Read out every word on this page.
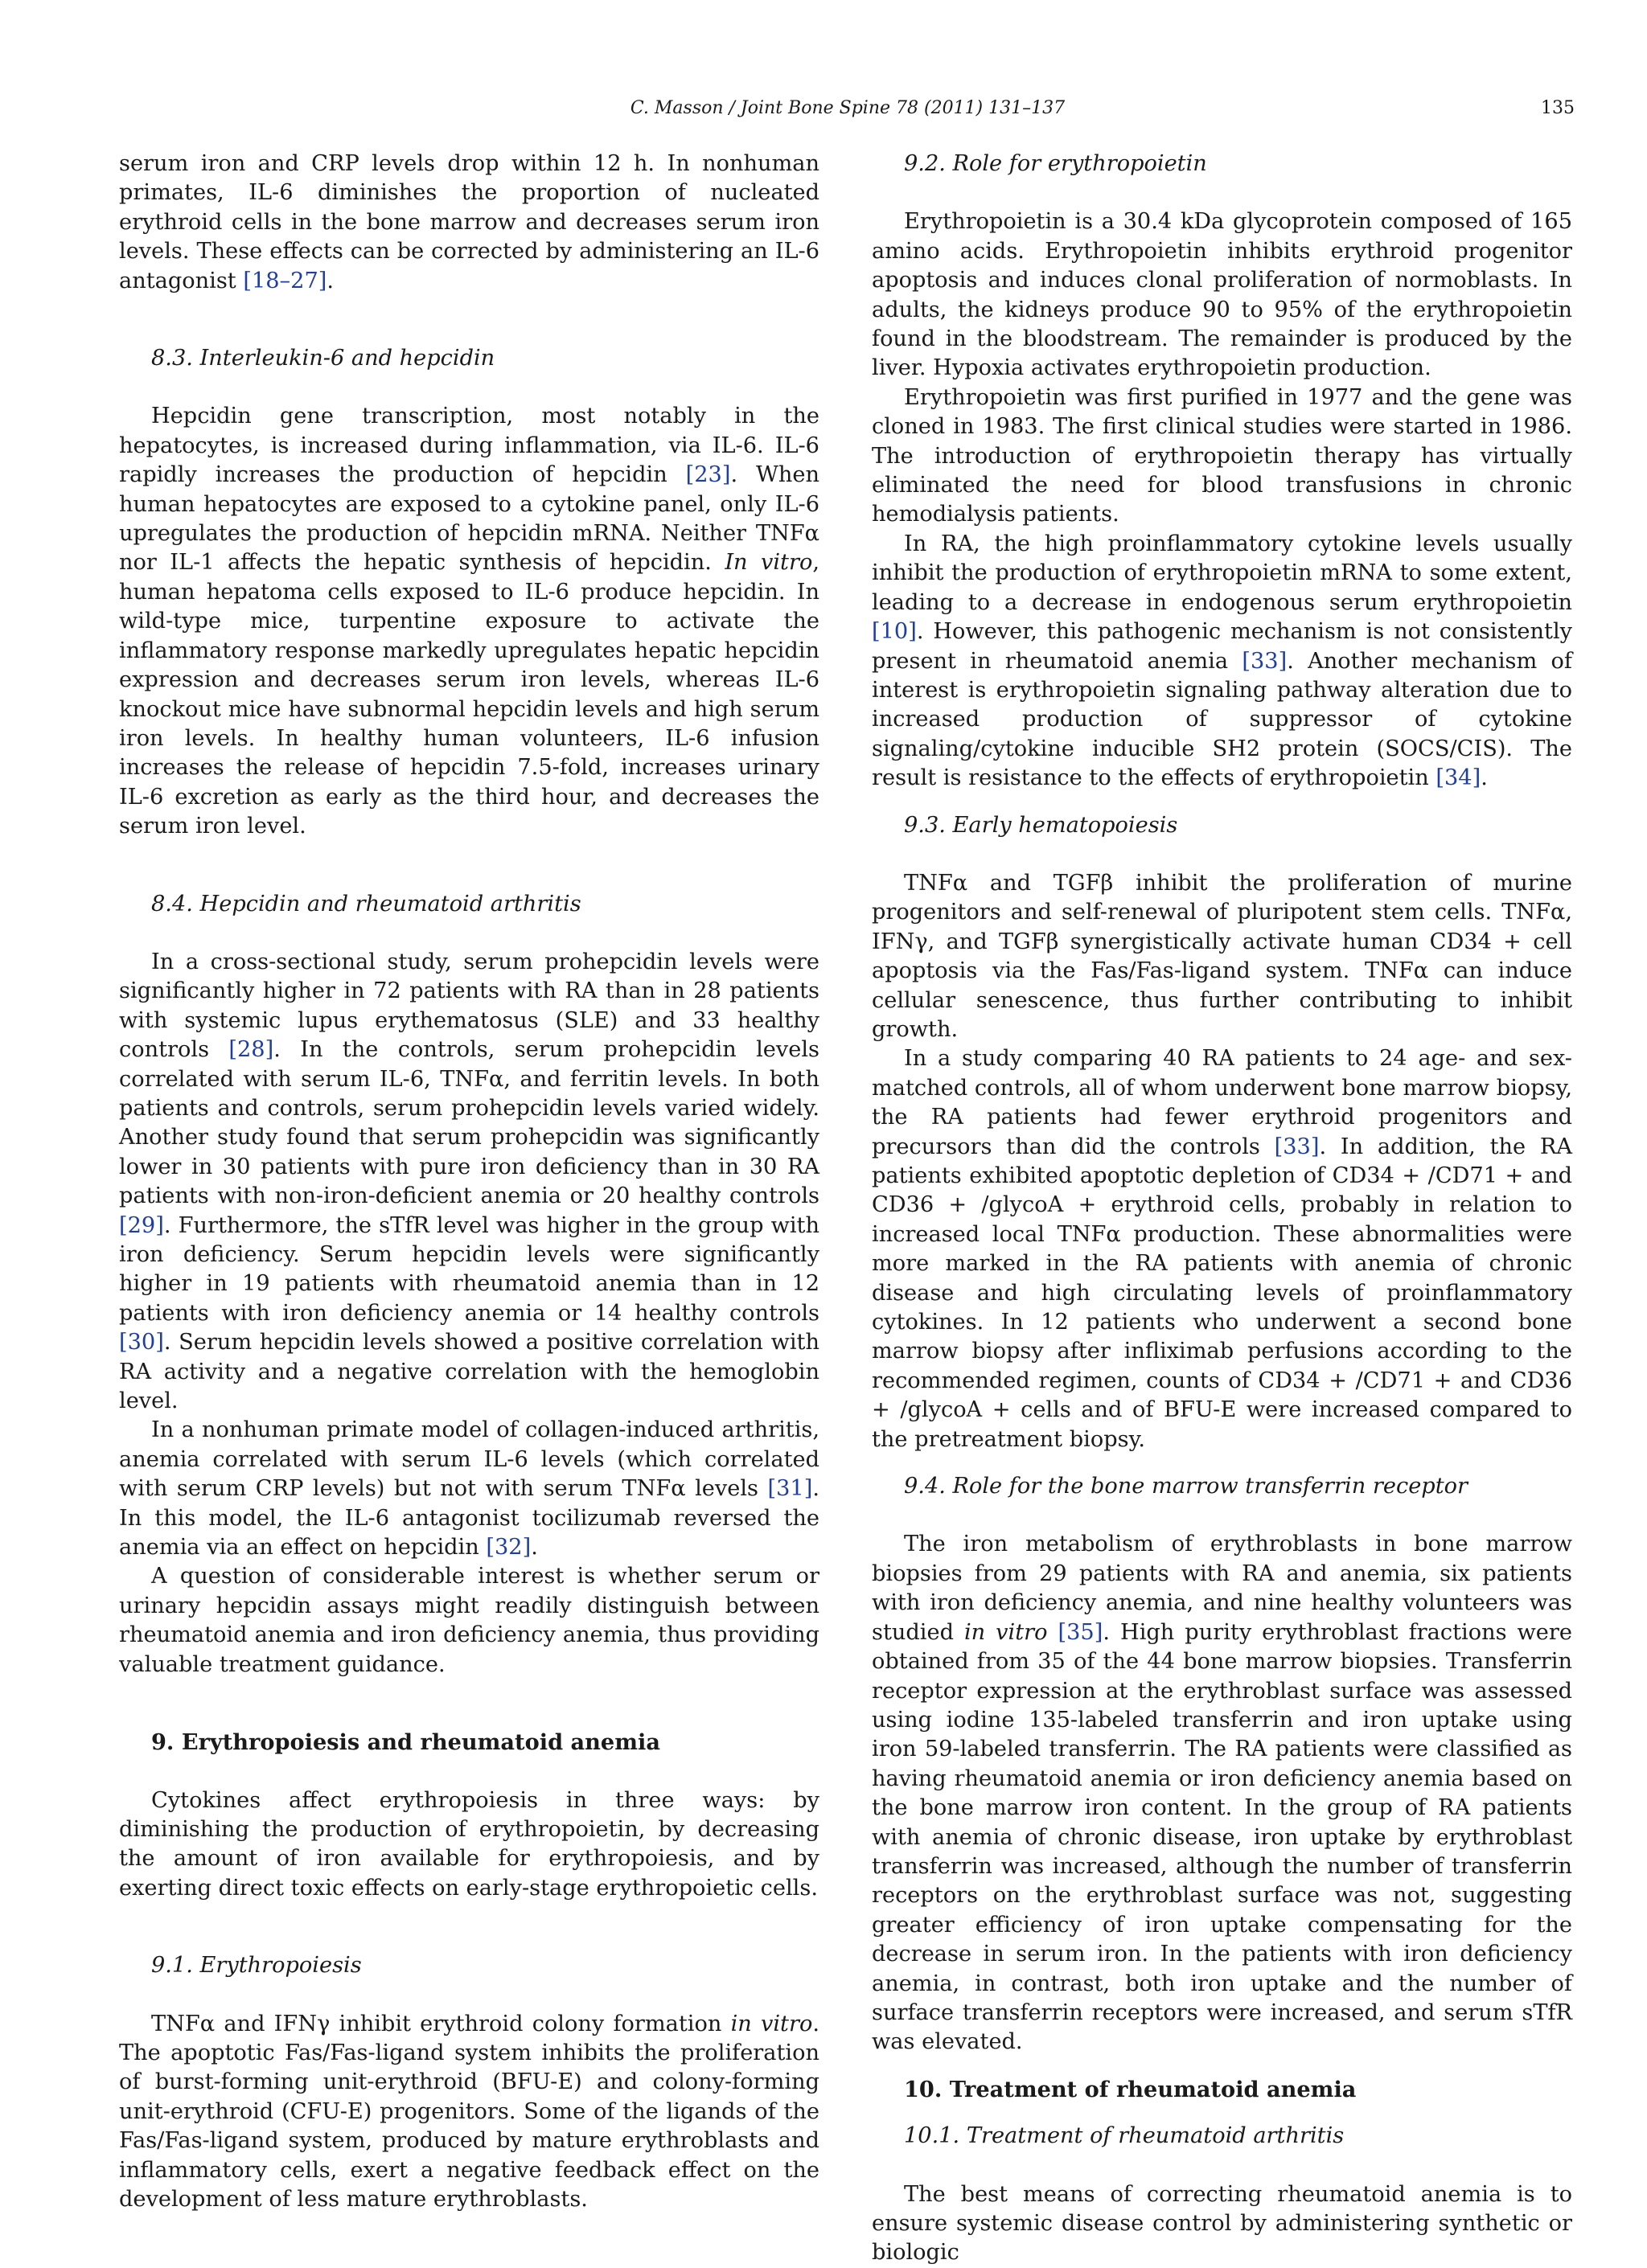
C. Masson / Joint Bone Spine 78 (2011) 131–137	135

serum iron and CRP levels drop within 12 h. In nonhuman primates, IL-6 diminishes the proportion of nucleated erythroid cells in the bone marrow and decreases serum iron levels. These effects can be corrected by administering an IL-6 antagonist [18–27].

8.3. Interleukin-6 and hepcidin

Hepcidin gene transcription, most notably in the hepatocytes, is increased during inflammation, via IL-6. IL-6 rapidly increases the production of hepcidin [23]. When human hepatocytes are exposed to a cytokine panel, only IL-6 upregulates the production of hepcidin mRNA. Neither TNFα nor IL-1 affects the hepatic synthesis of hepcidin. In vitro, human hepatoma cells exposed to IL-6 produce hepcidin. In wild-type mice, turpentine exposure to activate the inflammatory response markedly upregulates hepatic hepcidin expression and decreases serum iron levels, whereas IL-6 knockout mice have subnormal hepcidin levels and high serum iron levels. In healthy human volunteers, IL-6 infusion increases the release of hepcidin 7.5-fold, increases urinary IL-6 excretion as early as the third hour, and decreases the serum iron level.

8.4. Hepcidin and rheumatoid arthritis

In a cross-sectional study, serum prohepcidin levels were significantly higher in 72 patients with RA than in 28 patients with systemic lupus erythematosus (SLE) and 33 healthy controls [28]. In the controls, serum prohepcidin levels correlated with serum IL-6, TNFα, and ferritin levels. In both patients and controls, serum prohepcidin levels varied widely. Another study found that serum prohepcidin was significantly lower in 30 patients with pure iron deficiency than in 30 RA patients with non-iron-deficient anemia or 20 healthy controls [29]. Furthermore, the sTfR level was higher in the group with iron deficiency. Serum hepcidin levels were significantly higher in 19 patients with rheumatoid anemia than in 12 patients with iron deficiency anemia or 14 healthy controls [30]. Serum hepcidin levels showed a positive correlation with RA activity and a negative correlation with the hemoglobin level.

In a nonhuman primate model of collagen-induced arthritis, anemia correlated with serum IL-6 levels (which correlated with serum CRP levels) but not with serum TNFα levels [31]. In this model, the IL-6 antagonist tocilizumab reversed the anemia via an effect on hepcidin [32].

A question of considerable interest is whether serum or urinary hepcidin assays might readily distinguish between rheumatoid anemia and iron deficiency anemia, thus providing valuable treatment guidance.

9. Erythropoiesis and rheumatoid anemia

Cytokines affect erythropoiesis in three ways: by diminishing the production of erythropoietin, by decreasing the amount of iron available for erythropoiesis, and by exerting direct toxic effects on early-stage erythropoietic cells.

9.1. Erythropoiesis

TNFα and IFNγ inhibit erythroid colony formation in vitro. The apoptotic Fas/Fas-ligand system inhibits the proliferation of burst-forming unit-erythroid (BFU-E) and colony-forming unit-erythroid (CFU-E) progenitors. Some of the ligands of the Fas/Fas-ligand system, produced by mature erythroblasts and inflammatory cells, exert a negative feedback effect on the development of less mature erythroblasts.

9.2. Role for erythropoietin

Erythropoietin is a 30.4 kDa glycoprotein composed of 165 amino acids. Erythropoietin inhibits erythroid progenitor apoptosis and induces clonal proliferation of normoblasts. In adults, the kidneys produce 90 to 95% of the erythropoietin found in the bloodstream. The remainder is produced by the liver. Hypoxia activates erythropoietin production.

Erythropoietin was first purified in 1977 and the gene was cloned in 1983. The first clinical studies were started in 1986. The introduction of erythropoietin therapy has virtually eliminated the need for blood transfusions in chronic hemodialysis patients.

In RA, the high proinflammatory cytokine levels usually inhibit the production of erythropoietin mRNA to some extent, leading to a decrease in endogenous serum erythropoietin [10]. However, this pathogenic mechanism is not consistently present in rheumatoid anemia [33]. Another mechanism of interest is erythropoietin signaling pathway alteration due to increased production of suppressor of cytokine signaling/cytokine inducible SH2 protein (SOCS/CIS). The result is resistance to the effects of erythropoietin [34].

9.3. Early hematopoiesis

TNFα and TGFβ inhibit the proliferation of murine progenitors and self-renewal of pluripotent stem cells. TNFα, IFNγ, and TGFβ synergistically activate human CD34 + cell apoptosis via the Fas/Fas-ligand system. TNFα can induce cellular senescence, thus further contributing to inhibit growth.

In a study comparing 40 RA patients to 24 age- and sex-matched controls, all of whom underwent bone marrow biopsy, the RA patients had fewer erythroid progenitors and precursors than did the controls [33]. In addition, the RA patients exhibited apoptotic depletion of CD34 + /CD71 + and CD36 + /glycoA + erythroid cells, probably in relation to increased local TNFα production. These abnormalities were more marked in the RA patients with anemia of chronic disease and high circulating levels of proinflammatory cytokines. In 12 patients who underwent a second bone marrow biopsy after infliximab perfusions according to the recommended regimen, counts of CD34 + /CD71 + and CD36 + /glycoA + cells and of BFU-E were increased compared to the pretreatment biopsy.

9.4. Role for the bone marrow transferrin receptor

The iron metabolism of erythroblasts in bone marrow biopsies from 29 patients with RA and anemia, six patients with iron deficiency anemia, and nine healthy volunteers was studied in vitro [35]. High purity erythroblast fractions were obtained from 35 of the 44 bone marrow biopsies. Transferrin receptor expression at the erythroblast surface was assessed using iodine 135-labeled transferrin and iron uptake using iron 59-labeled transferrin. The RA patients were classified as having rheumatoid anemia or iron deficiency anemia based on the bone marrow iron content. In the group of RA patients with anemia of chronic disease, iron uptake by erythroblast transferrin was increased, although the number of transferrin receptors on the erythroblast surface was not, suggesting greater efficiency of iron uptake compensating for the decrease in serum iron. In the patients with iron deficiency anemia, in contrast, both iron uptake and the number of surface transferrin receptors were increased, and serum sTfR was elevated.

10. Treatment of rheumatoid anemia

10.1. Treatment of rheumatoid arthritis

The best means of correcting rheumatoid anemia is to ensure systemic disease control by administering synthetic or biologic
